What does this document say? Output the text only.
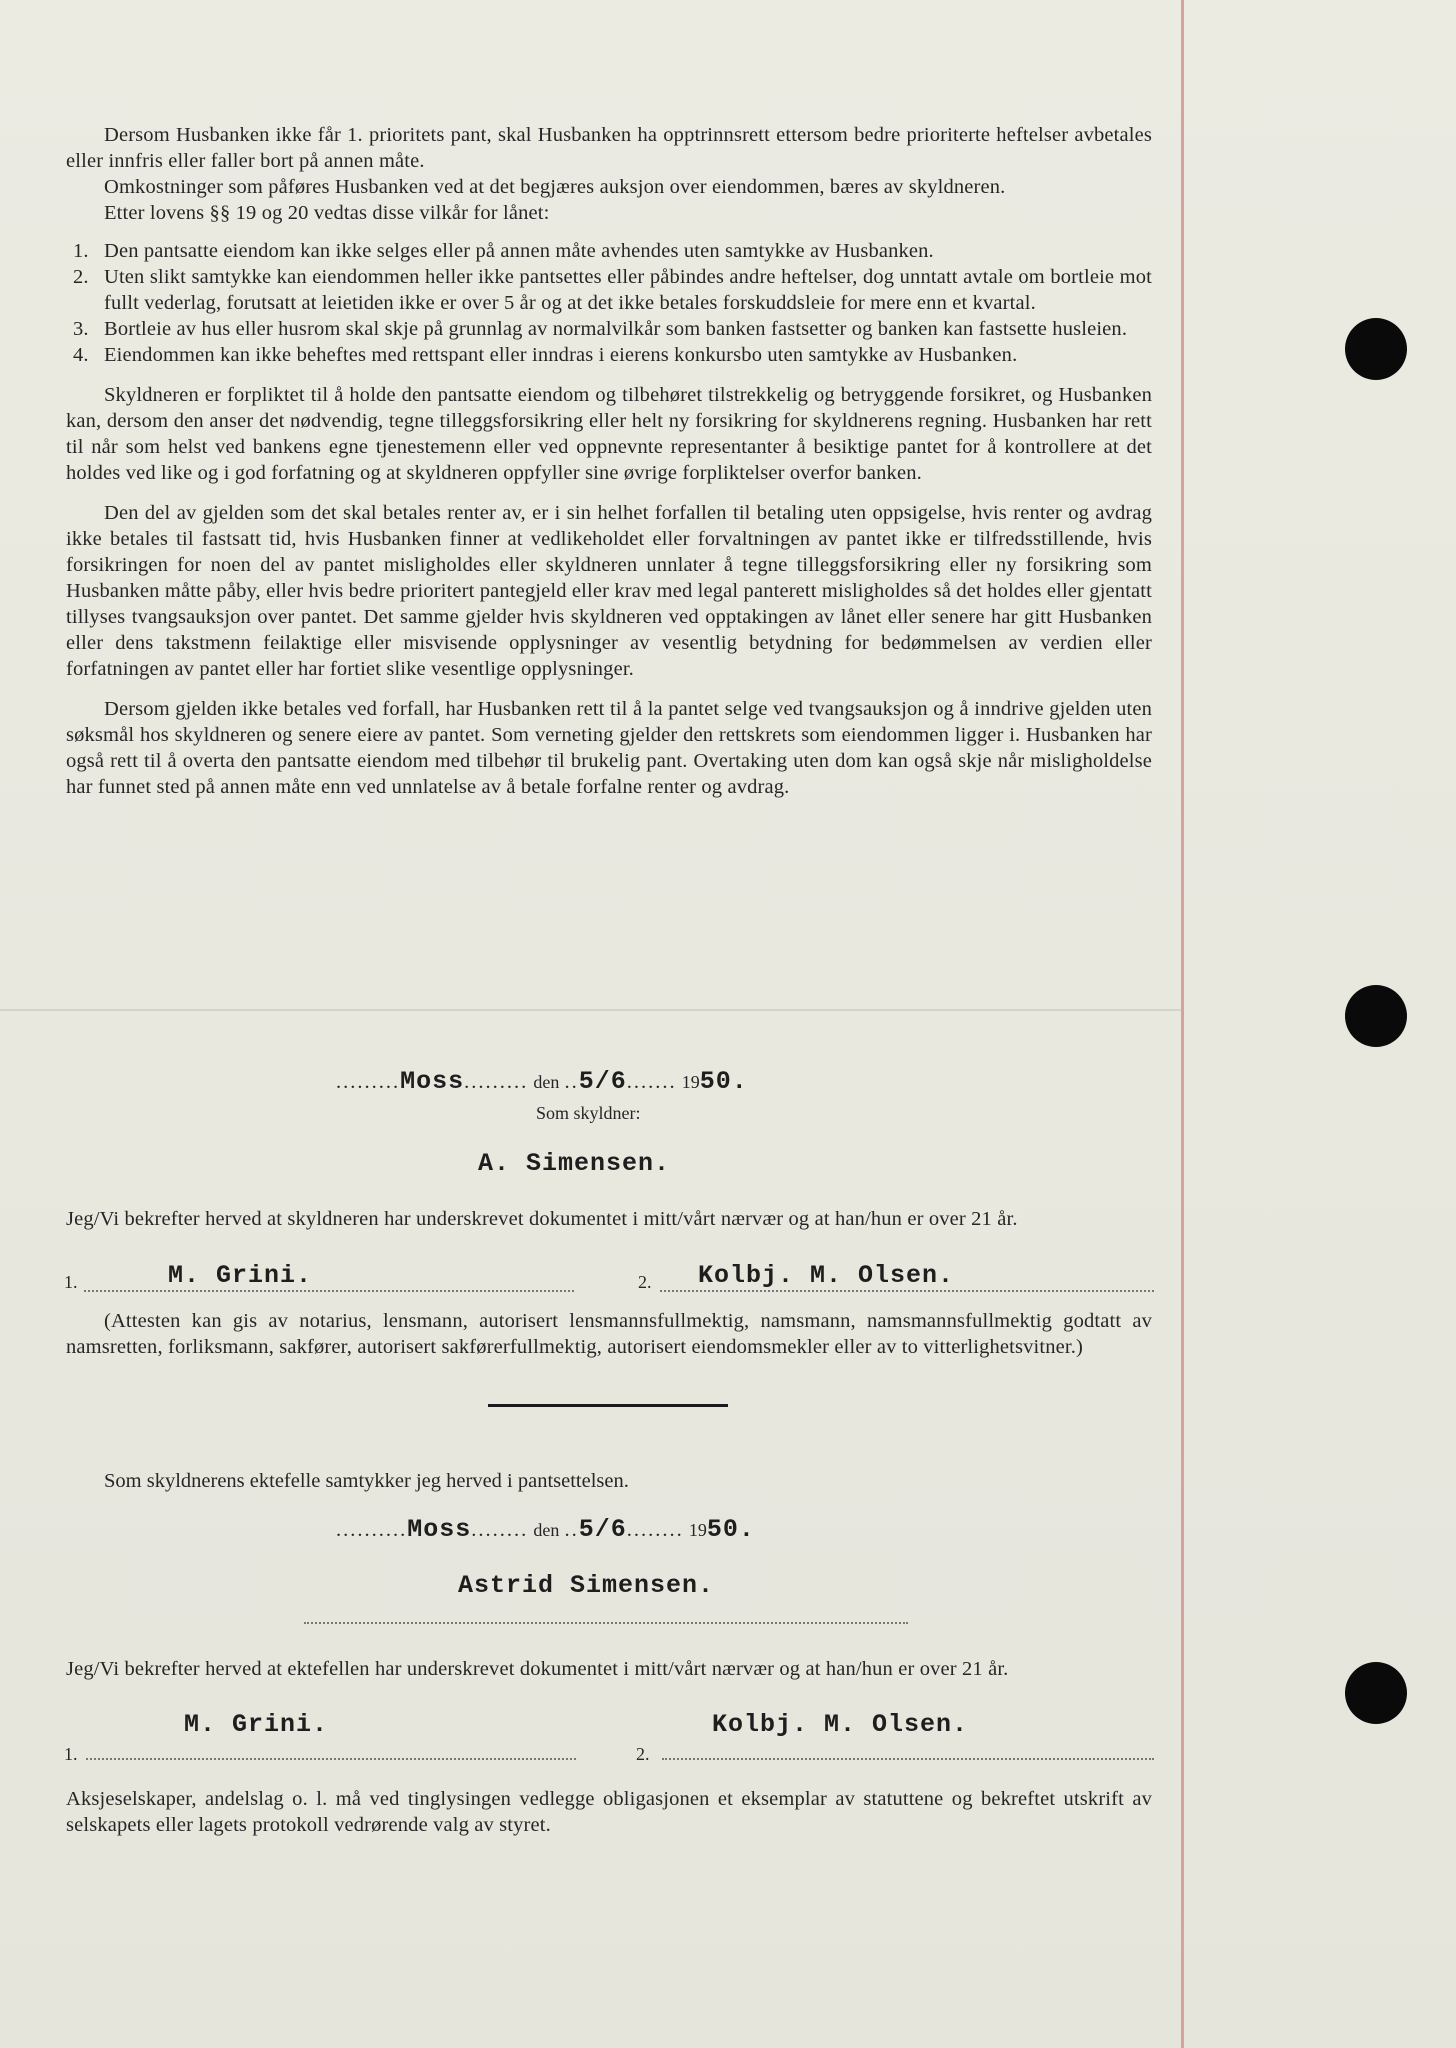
Dersom Husbanken ikke får 1. prioritets pant, skal Husbanken ha opptrinnsrett ettersom bedre prioriterte heftelser avbetales eller innfris eller faller bort på annen måte.

Omkostninger som påføres Husbanken ved at det begjæres auksjon over eiendommen, bæres av skyldneren.

Etter lovens §§ 19 og 20 vedtas disse vilkår for lånet:

1. Den pantsatte eiendom kan ikke selges eller på annen måte avhendes uten samtykke av Husbanken.
2. Uten slikt samtykke kan eiendommen heller ikke pantsettes eller påbindes andre heftelser, dog unntatt avtale om bortleie mot fullt vederlag, forutsatt at leietiden ikke er over 5 år og at det ikke betales forskuddsleie for mere enn et kvartal.
3. Bortleie av hus eller husrom skal skje på grunnlag av normalvilkår som banken fastsetter og banken kan fastsette husleien.
4. Eiendommen kan ikke beheftes med rettspant eller inndras i eierens konkursbo uten samtykke av Husbanken.

Skyldneren er forpliktet til å holde den pantsatte eiendom og tilbehøret tilstrekkelig og betryggende forsikret, og Husbanken kan, dersom den anser det nødvendig, tegne tilleggsforsikring eller helt ny forsikring for skyldnerens regning. Husbanken har rett til når som helst ved bankens egne tjenestemenn eller ved oppnevnte representanter å besiktige pantet for å kontrollere at det holdes ved like og i god forfatning og at skyldneren oppfyller sine øvrige forpliktelser overfor banken.

Den del av gjelden som det skal betales renter av, er i sin helhet forfallen til betaling uten oppsigelse, hvis renter og avdrag ikke betales til fastsatt tid, hvis Husbanken finner at vedlikeholdet eller forvaltningen av pantet ikke er tilfredsstillende, hvis forsikringen for noen del av pantet misligholdes eller skyldneren unnlater å tegne tilleggsforsikring eller ny forsikring som Husbanken måtte påby, eller hvis bedre prioritert pantegjeld eller krav med legal panterett misligholdes så det holdes eller gjentatt tillyses tvangsauksjon over pantet. Det samme gjelder hvis skyldneren ved opptakingen av lånet eller senere har gitt Husbanken eller dens takstmenn feilaktige eller misvisende opplysninger av vesentlig betydning for bedømmelsen av verdien eller forfatningen av pantet eller har fortiet slike vesentlige opplysninger.

Dersom gjelden ikke betales ved forfall, har Husbanken rett til å la pantet selge ved tvangsauksjon og å inndrive gjelden uten søksmål hos skyldneren og senere eiere av pantet. Som verneting gjelder den rettskrets som eiendommen ligger i. Husbanken har også rett til å overta den pantsatte eiendom med tilbehør til brukelig pant. Overtaking uten dom kan også skje når misligholdelse har funnet sted på annen måte enn ved unnlatelse av å betale forfalne renter og avdrag.

.........Moss......... den ..5/6....... 1950.
Som skyldner:
A. Simensen.

Jeg/Vi bekrefter herved at skyldneren har underskrevet dokumentet i mitt/vårt nærvær og at han/hun er over 21 år.

1.	M. Grini.	2. Kolbj. M. Olsen.

(Attesten kan gis av notarius, lensmann, autorisert lensmannsfullmektig, namsmann, namsmannsfullmektig godtatt av namsretten, forliksmann, sakfører, autorisert sakførerfullmektig, autorisert eiendomsmekler eller av to vitterlighetsvitner.)

Som skyldnerens ektefelle samtykker jeg herved i pantsettelsen.
..........Moss........ den ..5/6........ 1950.
Astrid Simensen.

Jeg/Vi bekrefter herved at ektefellen har underskrevet dokumentet i mitt/vårt nærvær og at han/hun er over 21 år.

M. Grini.
1.
Kolbj. M. Olsen.
2.

Aksjeselskaper, andelslag o. l. må ved tinglysingen vedlegge obligasjonen et eksemplar av statuttene og bekreftet utskrift av selskapets eller lagets protokoll vedrørende valg av styret.
